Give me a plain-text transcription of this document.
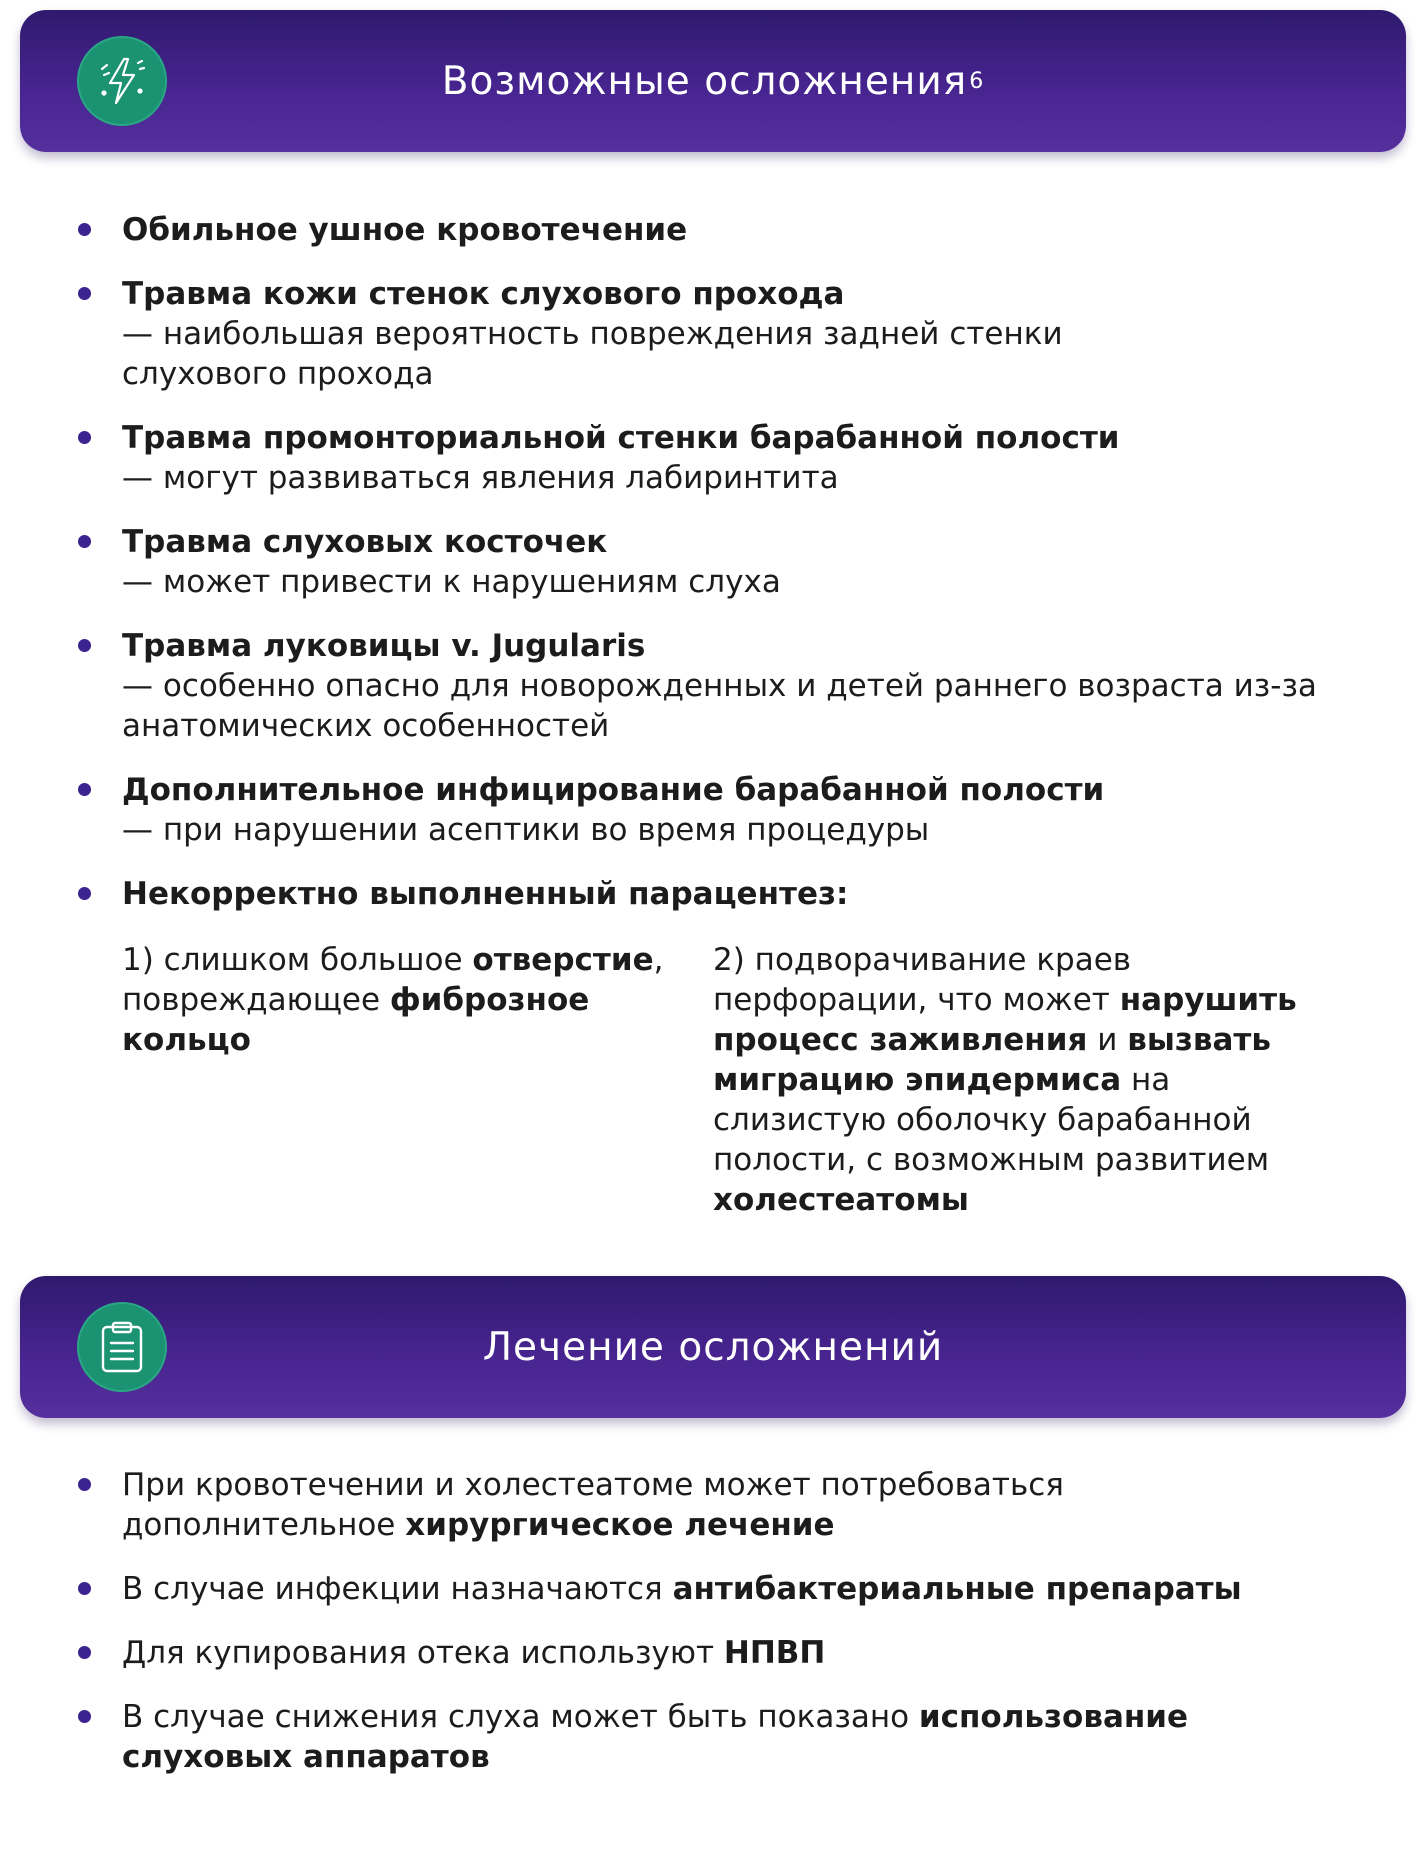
Возможные осложнения 6
Обильное ушное кровотечение
Травма кожи стенок слухового прохода
— наибольшая вероятность повреждения задней стенки слухового прохода
Травма промонториальной стенки барабанной полости
— могут развиваться явления лабиринтита
Травма слуховых косточек
— может привести к нарушениям слуха
Травма луковицы v. Jugularis
— особенно опасно для новорожденных и детей раннего возраста из-за анатомических особенностей
Дополнительное инфицирование барабанной полости
— при нарушении асептики во время процедуры
Некорректно выполненный парацентез:
1) слишком большое отверстие, повреждающее фиброзное кольцо
2) подворачивание краев перфорации, что может нарушить процесс заживления и вызвать миграцию эпидермиса на слизистую оболочку барабанной полости, с возможным развитием холестеатомы
Лечение осложнений
При кровотечении и холестеатоме может потребоваться дополнительное хирургическое лечение
В случае инфекции назначаются антибактериальные препараты
Для купирования отека используют НПВП
В случае снижения слуха может быть показано использование слуховых аппаратов
